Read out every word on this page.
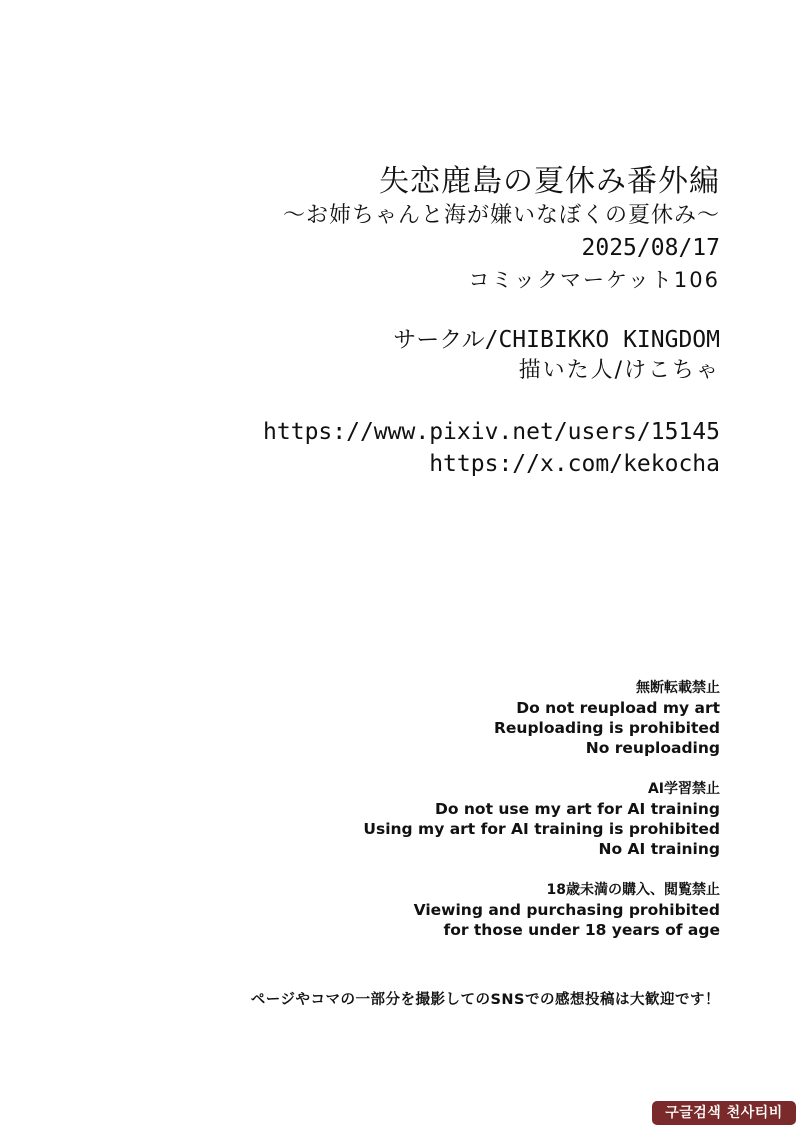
失恋鹿島の夏休み番外編
〜お姉ちゃんと海が嫌いなぼくの夏休み〜
2025/08/17
コミックマーケット106
サークル/CHIBIKKO KINGDOM
描いた人/けこちゃ
https://www.pixiv.net/users/15145
https://x.com/kekocha
無断転載禁止
Do not reupload my art
Reuploading is prohibited
No reuploading
AI学習禁止
Do not use my art for AI training
Using my art for AI training is prohibited
No AI training
18歳未満の購入、閲覧禁止
Viewing and purchasing prohibited
for those under 18 years of age
ページやコマの一部分を撮影してのSNSでの感想投稿は大歓迎です！
구글검색 천사티비
